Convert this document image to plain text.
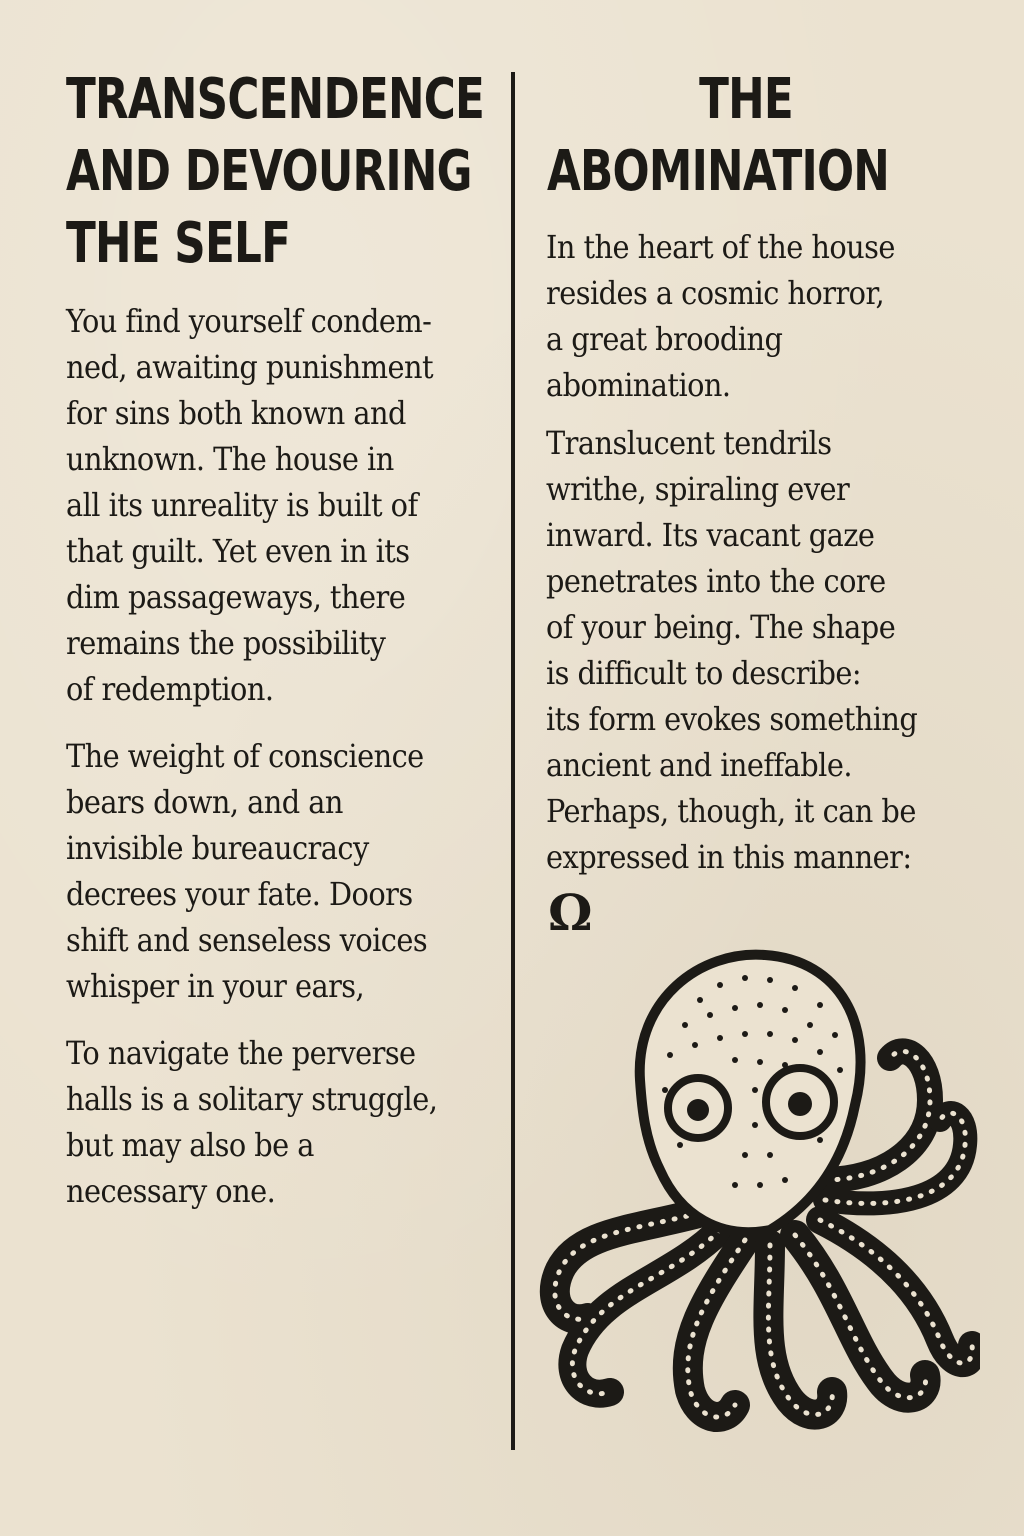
TRANSCENDENCE
AND DEVOURING
THE SELF
You find yourself condem-
ned, awaiting punishment
for sins both known and
unknown. The house in
all its unreality is built of
that guilt. Yet even in its
dim passageways, there
remains the possibility
of redemption.
The weight of conscience
bears down, and an
invisible bureaucracy
decrees your fate. Doors
shift and senseless voices
whisper in your ears,
To navigate the perverse
halls is a solitary struggle,
but may also be a
necessary one.
THE
ABOMINATION
In the heart of the house
resides a cosmic horror,
a great brooding
abomination.
Translucent tendrils
writhe, spiraling ever
inward. Its vacant gaze
penetrates into the core
of your being. The shape
is difficult to describe:
its form evokes something
ancient and ineffable.
Perhaps, though, it can be
expressed in this manner:
Ω
